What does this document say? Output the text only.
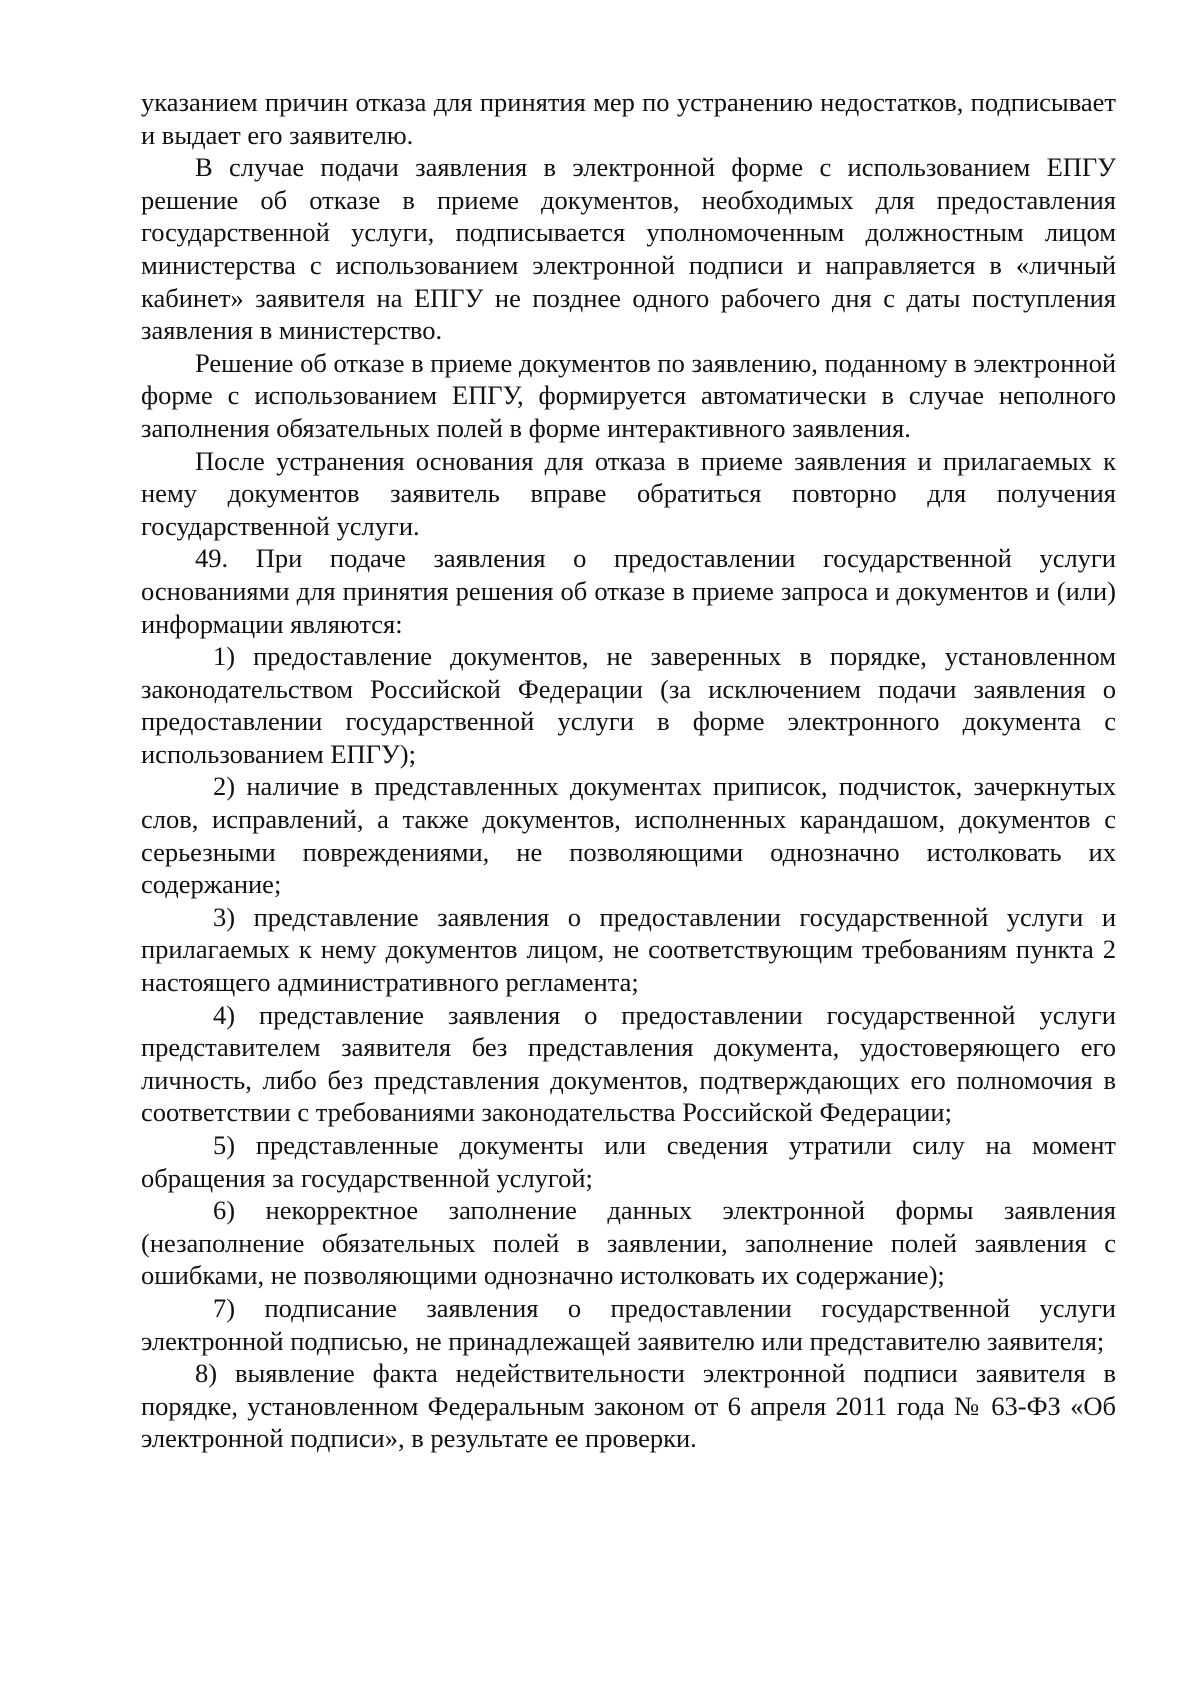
указанием причин отказа для принятия мер по устранению недостатков, подписывает и выдает его заявителю.

В случае подачи заявления в электронной форме с использованием ЕПГУ решение об отказе в приеме документов, необходимых для предоставления государственной услуги, подписывается уполномоченным должностным лицом министерства с использованием электронной подписи и направляется в «личный кабинет» заявителя на ЕПГУ не позднее одного рабочего дня с даты поступления заявления в министерство.

Решение об отказе в приеме документов по заявлению, поданному в электронной форме с использованием ЕПГУ, формируется автоматически в случае неполного заполнения обязательных полей в форме интерактивного заявления.

После устранения основания для отказа в приеме заявления и прилагаемых к нему документов заявитель вправе обратиться повторно для получения государственной услуги.

49. При подаче заявления о предоставлении государственной услуги основаниями для принятия решения об отказе в приеме запроса и документов и (или) информации являются:

1) предоставление документов, не заверенных в порядке, установленном законодательством Российской Федерации (за исключением подачи заявления о предоставлении государственной услуги в форме электронного документа с использованием ЕПГУ);

2) наличие в представленных документах приписок, подчисток, зачеркнутых слов, исправлений, а также документов, исполненных карандашом, документов с серьезными повреждениями, не позволяющими однозначно истолковать их содержание;

3) представление заявления о предоставлении государственной услуги и прилагаемых к нему документов лицом, не соответствующим требованиям пункта 2 настоящего административного регламента;

4) представление заявления о предоставлении государственной услуги представителем заявителя без представления документа, удостоверяющего его личность, либо без представления документов, подтверждающих его полномочия в соответствии с требованиями законодательства Российской Федерации;

5) представленные документы или сведения утратили силу на момент обращения за государственной услугой;

6) некорректное заполнение данных электронной формы заявления (незаполнение обязательных полей в заявлении, заполнение полей заявления с ошибками, не позволяющими однозначно истолковать их содержание);

7) подписание заявления о предоставлении государственной услуги электронной подписью, не принадлежащей заявителю или представителю заявителя;

8) выявление факта недействительности электронной подписи заявителя в порядке, установленном Федеральным законом от 6 апреля 2011 года № 63-ФЗ «Об электронной подписи», в результате ее проверки.
